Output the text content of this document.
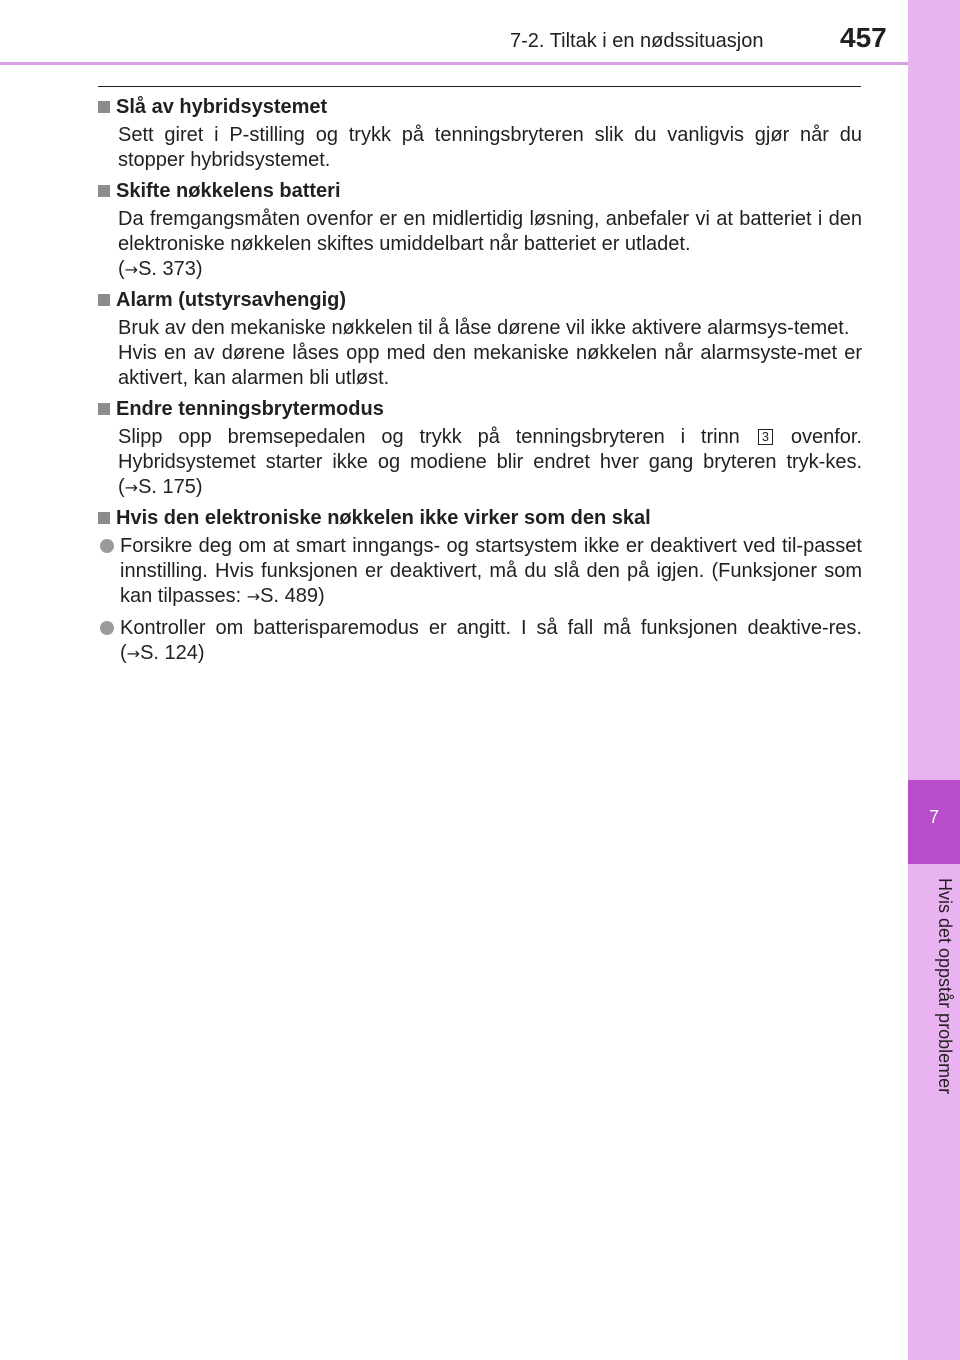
7-2. Tiltak i en nødssituasjon	457
7
Hvis det oppstår problemer
Slå av hybridsystemet
Sett giret i P-stilling og trykk på tenningsbryteren slik du vanligvis gjør når du stopper hybridsystemet.
Skifte nøkkelens batteri
Da fremgangsmåten ovenfor er en midlertidig løsning, anbefaler vi at batteriet i den elektroniske nøkkelen skiftes umiddelbart når batteriet er utladet.
(→S. 373)
Alarm (utstyrsavhengig)
Bruk av den mekaniske nøkkelen til å låse dørene vil ikke aktivere alarmsys-temet.
Hvis en av dørene låses opp med den mekaniske nøkkelen når alarmsyste-met er aktivert, kan alarmen bli utløst.
Endre tenningsbrytermodus
Slipp opp bremsepedalen og trykk på tenningsbryteren i trinn 3 ovenfor. Hybridsystemet starter ikke og modiene blir endret hver gang bryteren tryk-kes. (→S. 175)
Hvis den elektroniske nøkkelen ikke virker som den skal
Forsikre deg om at smart inngangs- og startsystem ikke er deaktivert ved til-passet innstilling. Hvis funksjonen er deaktivert, må du slå den på igjen. (Funksjoner som kan tilpasses: →S. 489)
Kontroller om batterisparemodus er angitt. I så fall må funksjonen deaktive-res. (→S. 124)
